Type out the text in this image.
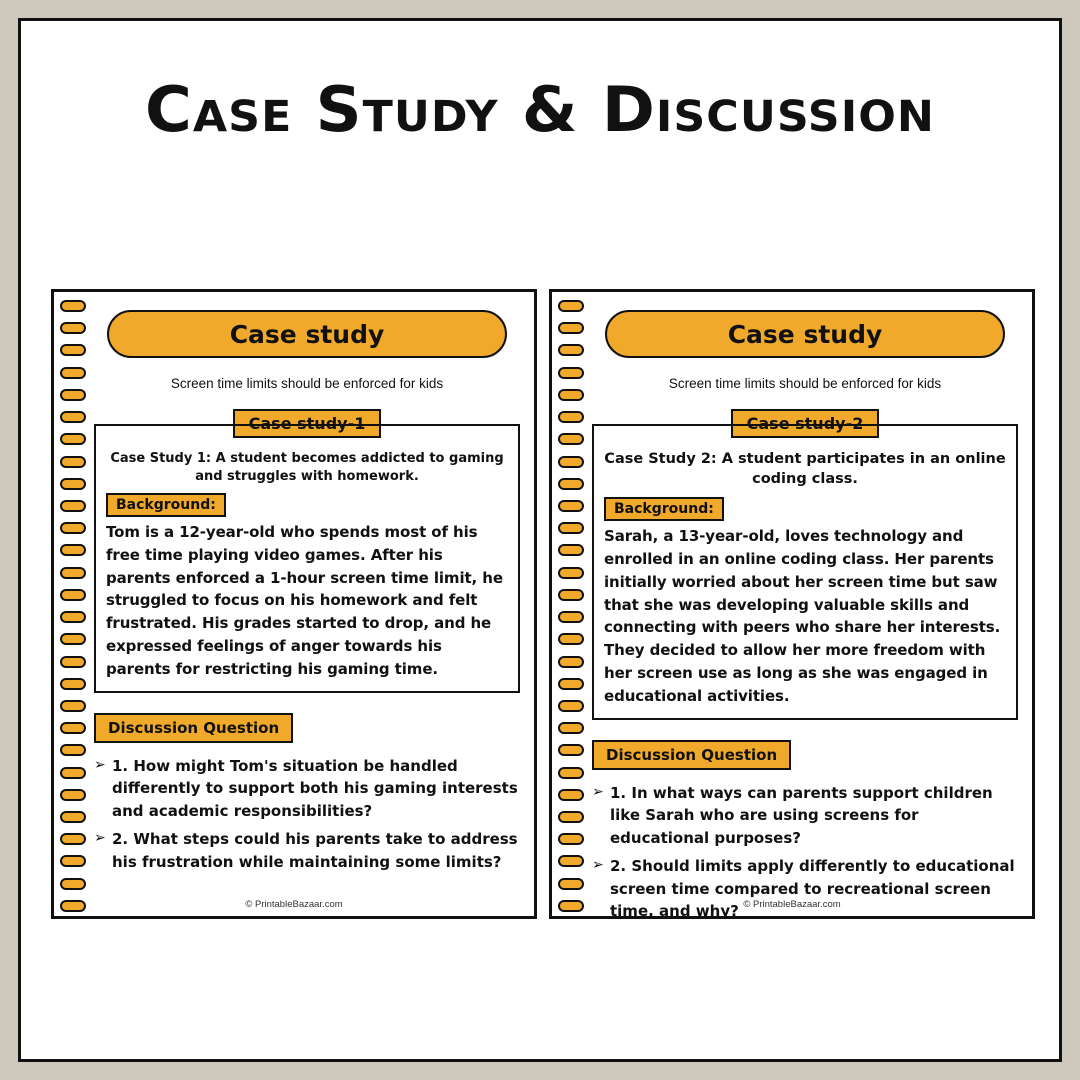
Case Study & Discussion
Case study
Screen time limits should be enforced for kids
Case study-1
Case Study 1: A student becomes addicted to gaming and struggles with homework.
Background:
Tom is a 12-year-old who spends most of his free time playing video games. After his parents enforced a 1-hour screen time limit, he struggled to focus on his homework and felt frustrated. His grades started to drop, and he expressed feelings of anger towards his parents for restricting his gaming time.
Discussion Question
➢ 1. How might Tom's situation be handled differently to support both his gaming interests and academic responsibilities?
➢ 2. What steps could his parents take to address his frustration while maintaining some limits?
© PrintableBazaar.com
Case study
Screen time limits should be enforced for kids
Case study-2
Case Study 2: A student participates in an online coding class.
Background:
Sarah, a 13-year-old, loves technology and enrolled in an online coding class. Her parents initially worried about her screen time but saw that she was developing valuable skills and connecting with peers who share her interests. They decided to allow her more freedom with her screen use as long as she was engaged in educational activities.
Discussion Question
➢ 1. In what ways can parents support children like Sarah who are using screens for educational purposes?
➢ 2. Should limits apply differently to educational screen time compared to recreational screen time, and why? © PrintableBazaar.com
